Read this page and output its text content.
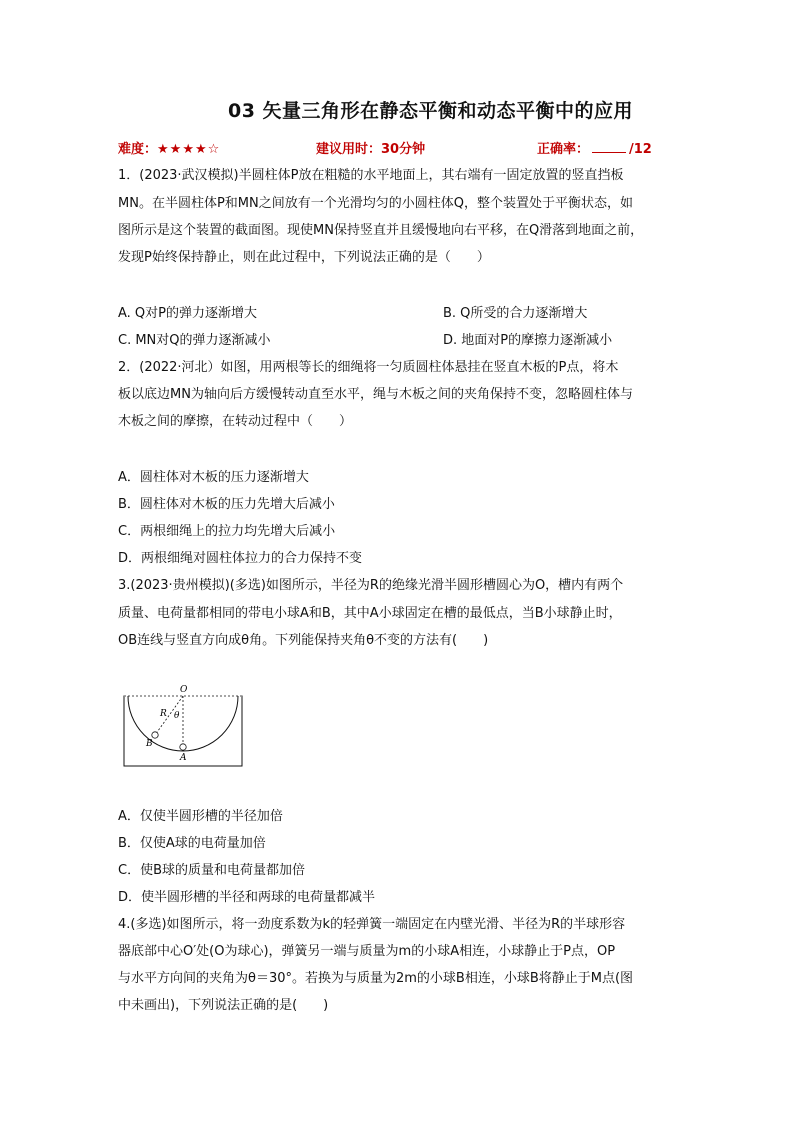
03 矢量三角形在静态平衡和动态平衡中的应用
难度：★★★★☆	建议用时：30分钟	正确率：	/12
1．(2023·武汉模拟)半圆柱体P放在粗糙的水平地面上，其右端有一固定放置的竖直挡板
MN。在半圆柱体P和MN之间放有一个光滑均匀的小圆柱体Q，整个装置处于平衡状态，如
图所示是这个装置的截面图。现使MN保持竖直并且缓慢地向右平移，在Q滑落到地面之前，
发现P始终保持静止，则在此过程中，下列说法正确的是（　　）
A. Q对P的弹力逐渐增大	B. Q所受的合力逐渐增大
C. MN对Q的弹力逐渐减小	D. 地面对P的摩擦力逐渐减小
2．(2022·河北）如图，用两根等长的细绳将一匀质圆柱体悬挂在竖直木板的P点，将木
板以底边MN为轴向后方缓慢转动直至水平，绳与木板之间的夹角保持不变，忽略圆柱体与
木板之间的摩擦，在转动过程中（　　）
A．圆柱体对木板的压力逐渐增大
B．圆柱体对木板的压力先增大后减小
C．两根细绳上的拉力均先增大后减小
D．两根细绳对圆柱体拉力的合力保持不变
3.(2023·贵州模拟)(多选)如图所示，半径为R的绝缘光滑半圆形槽圆心为O，槽内有两个
质量、电荷量都相同的带电小球A和B，其中A小球固定在槽的最低点，当B小球静止时，
OB连线与竖直方向成θ角。下列能保持夹角θ不变的方法有(　　)
O
R θ
B
A
A．仅使半圆形槽的半径加倍
B．仅使A球的电荷量加倍
C．使B球的质量和电荷量都加倍
D．使半圆形槽的半径和两球的电荷量都减半
4.(多选)如图所示，将一劲度系数为k的轻弹簧一端固定在内壁光滑、半径为R的半球形容
器底部中心O′处(O为球心)，弹簧另一端与质量为m的小球A相连，小球静止于P点，OP
与水平方向间的夹角为θ＝30°。若换为与质量为2m的小球B相连，小球B将静止于M点(图
中未画出)，下列说法正确的是(　　)
